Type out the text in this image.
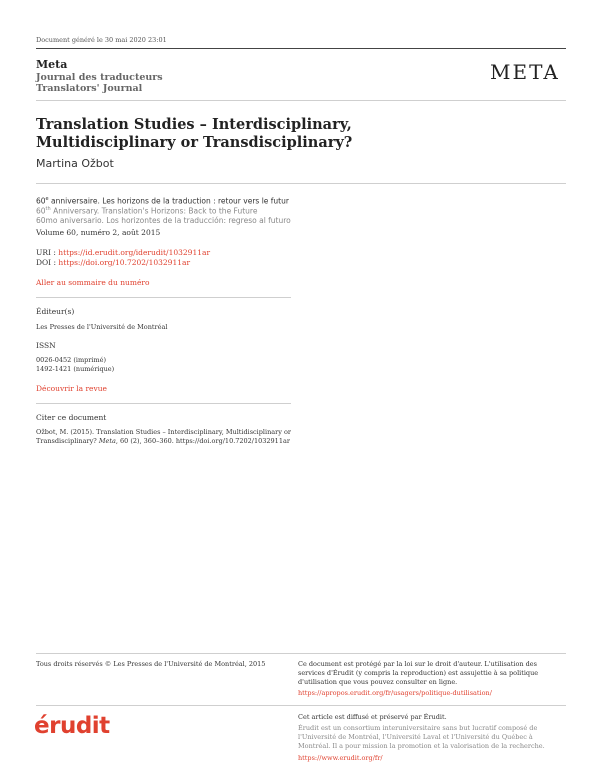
Document généré le 30 mai 2020 23:01
Meta
Journal des traducteurs
Translators' Journal
META
Translation Studies – Interdisciplinary, Multidisciplinary or Transdisciplinary?
Martina Ožbot
60e anniversaire. Les horizons de la traduction : retour vers le futur
60th Anniversary. Translation's Horizons: Back to the Future
60mo aniversario. Los horizontes de la traducción: regreso al futuro
Volume 60, numéro 2, août 2015
URI : https://id.erudit.org/iderudit/1032911ar
DOI : https://doi.org/10.7202/1032911ar
Aller au sommaire du numéro
Éditeur(s)
Les Presses de l'Université de Montréal
ISSN
0026-0452 (imprimé)
1492-1421 (numérique)
Découvrir la revue
Citer ce document
Ožbot, M. (2015). Translation Studies – Interdisciplinary, Multidisciplinary or Transdisciplinary? Meta, 60 (2), 360–360. https://doi.org/10.7202/1032911ar
Tous droits réservés © Les Presses de l'Université de Montréal, 2015	Ce document est protégé par la loi sur le droit d'auteur. L'utilisation des services d'Érudit (y compris la reproduction) est assujettie à sa politique d'utilisation que vous pouvez consulter en ligne.
https://apropos.erudit.org/fr/usagers/politique-dutilisation/
érudit	Cet article est diffusé et préservé par Érudit.
Érudit est un consortium interuniversitaire sans but lucratif composé de l'Université de Montréal, l'Université Laval et l'Université du Québec à Montréal. Il a pour mission la promotion et la valorisation de la recherche.
https://www.erudit.org/fr/
